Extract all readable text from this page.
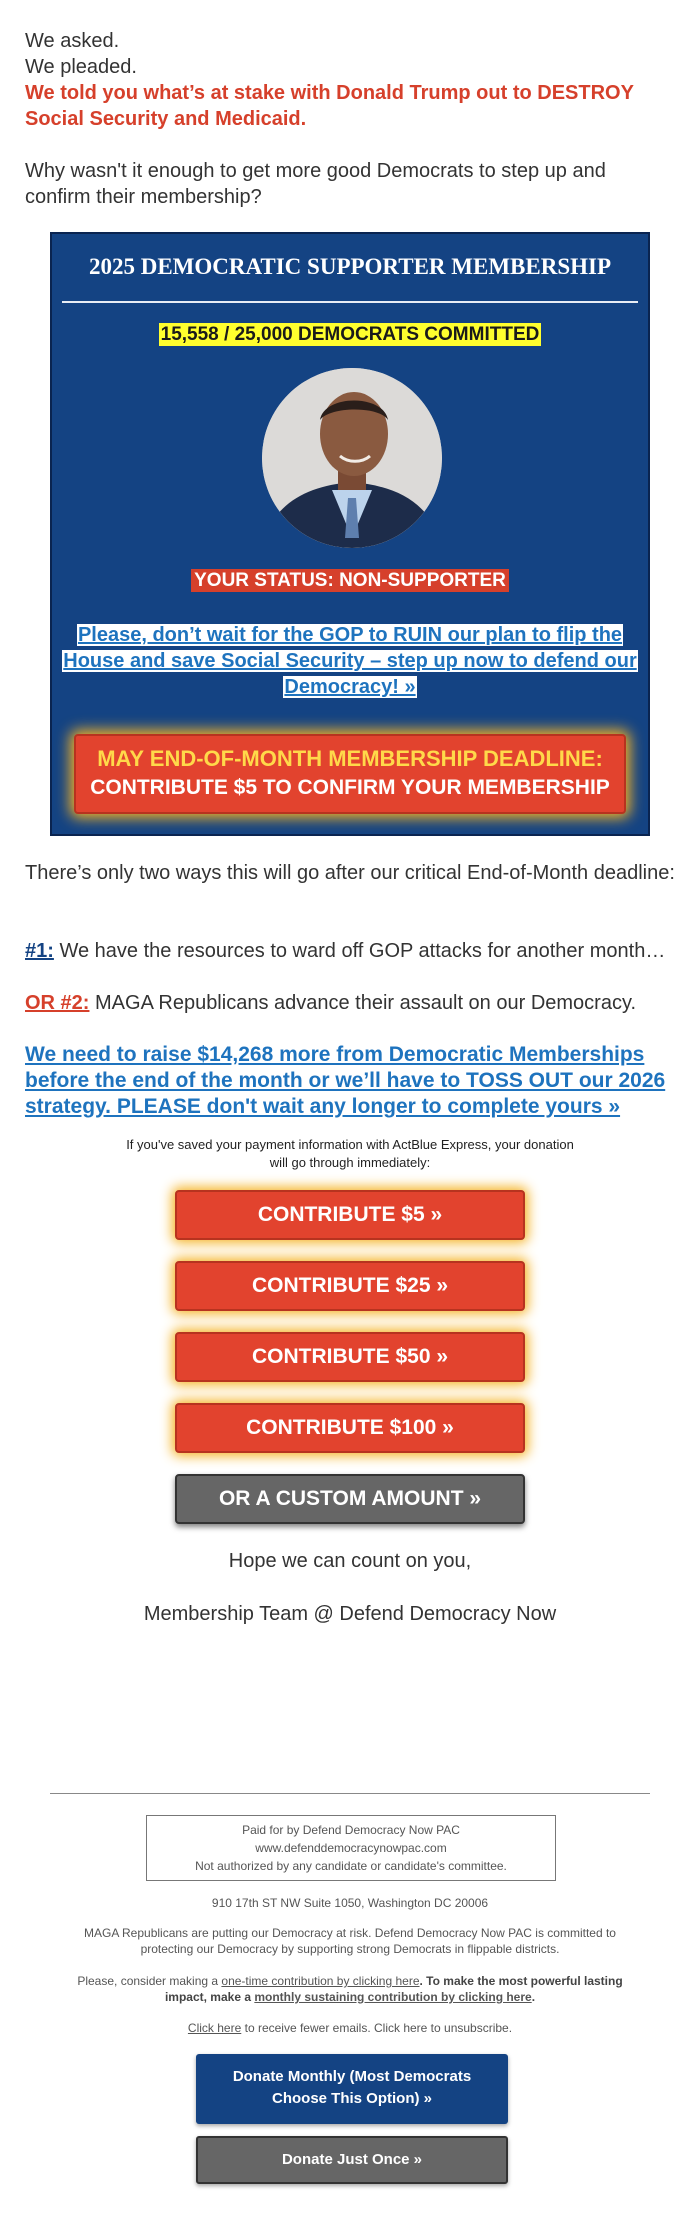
We asked.

We pleaded.

We told you what’s at stake with Donald Trump out to DESTROY Social Security and Medicaid.

Why wasn't it enough to get more good Democrats to step up and confirm their membership?

2025 DEMOCRATIC SUPPORTER MEMBERSHIP
15,558 / 25,000 DEMOCRATS COMMITTED
YOUR STATUS: NON-SUPPORTER
Please, don’t wait for the GOP to RUIN our plan to flip the House and save Social Security – step up now to defend our Democracy! »
MAY END-OF-MONTH MEMBERSHIP DEADLINE:
CONTRIBUTE $5 TO CONFIRM YOUR MEMBERSHIP
There’s only two ways this will go after our critical End-of-Month deadline:
#1: We have the resources to ward off GOP attacks for another month…
OR #2: MAGA Republicans advance their assault on our Democracy.
We need to raise $14,268 more from Democratic Memberships before the end of the month or we’ll have to TOSS OUT our 2026 strategy. PLEASE don't wait any longer to complete yours »
If you've saved your payment information with ActBlue Express, your donation will go through immediately:
CONTRIBUTE $5 »
CONTRIBUTE $25 »
CONTRIBUTE $50 »
CONTRIBUTE $100 »
OR A CUSTOM AMOUNT »
Hope we can count on you,
Membership Team @ Defend Democracy Now
Paid for by Defend Democracy Now PAC
www.defenddemocracynowpac.com
Not authorized by any candidate or candidate's committee.
910 17th ST NW Suite 1050, Washington DC 20006
MAGA Republicans are putting our Democracy at risk. Defend Democracy Now PAC is committed to protecting our Democracy by supporting strong Democrats in flippable districts.
Please, consider making a one-time contribution by clicking here. To make the most powerful lasting impact, make a monthly sustaining contribution by clicking here.
Click here to receive fewer emails. Click here to unsubscribe.
Donate Monthly (Most Democrats Choose This Option) »
Donate Just Once »
